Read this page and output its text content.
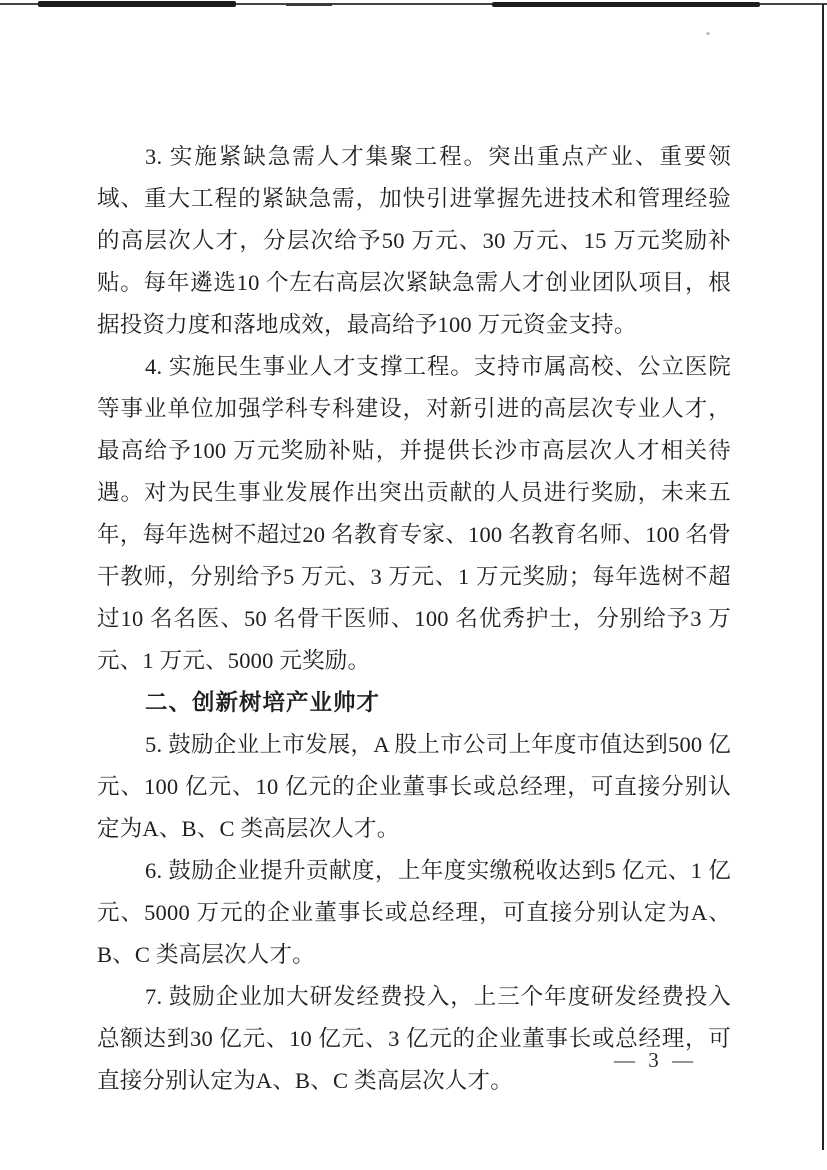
3. 实施紧缺急需人才集聚工程。突出重点产业、重要领域、重大工程的紧缺急需，加快引进掌握先进技术和管理经验的高层次人才，分层次给予50 万元、30 万元、15 万元奖励补贴。每年遴选10 个左右高层次紧缺急需人才创业团队项目，根据投资力度和落地成效，最高给予100 万元资金支持。

4. 实施民生事业人才支撑工程。支持市属高校、公立医院等事业单位加强学科专科建设，对新引进的高层次专业人才，最高给予100 万元奖励补贴，并提供长沙市高层次人才相关待遇。对为民生事业发展作出突出贡献的人员进行奖励，未来五年，每年选树不超过20 名教育专家、100 名教育名师、100 名骨干教师，分别给予5 万元、3 万元、1 万元奖励；每年选树不超过10 名名医、50 名骨干医师、100 名优秀护士，分别给予3 万元、1 万元、5000 元奖励。

二、创新树培产业帅才

5. 鼓励企业上市发展，A 股上市公司上年度市值达到500 亿元、100 亿元、10 亿元的企业董事长或总经理，可直接分别认定为A、B、C 类高层次人才。

6. 鼓励企业提升贡献度，上年度实缴税收达到5 亿元、1 亿元、5000 万元的企业董事长或总经理，可直接分别认定为A、B、C 类高层次人才。

7. 鼓励企业加大研发经费投入，上三个年度研发经费投入总额达到30 亿元、10 亿元、3 亿元的企业董事长或总经理，可直接分别认定为A、B、C 类高层次人才。

— 3 —
